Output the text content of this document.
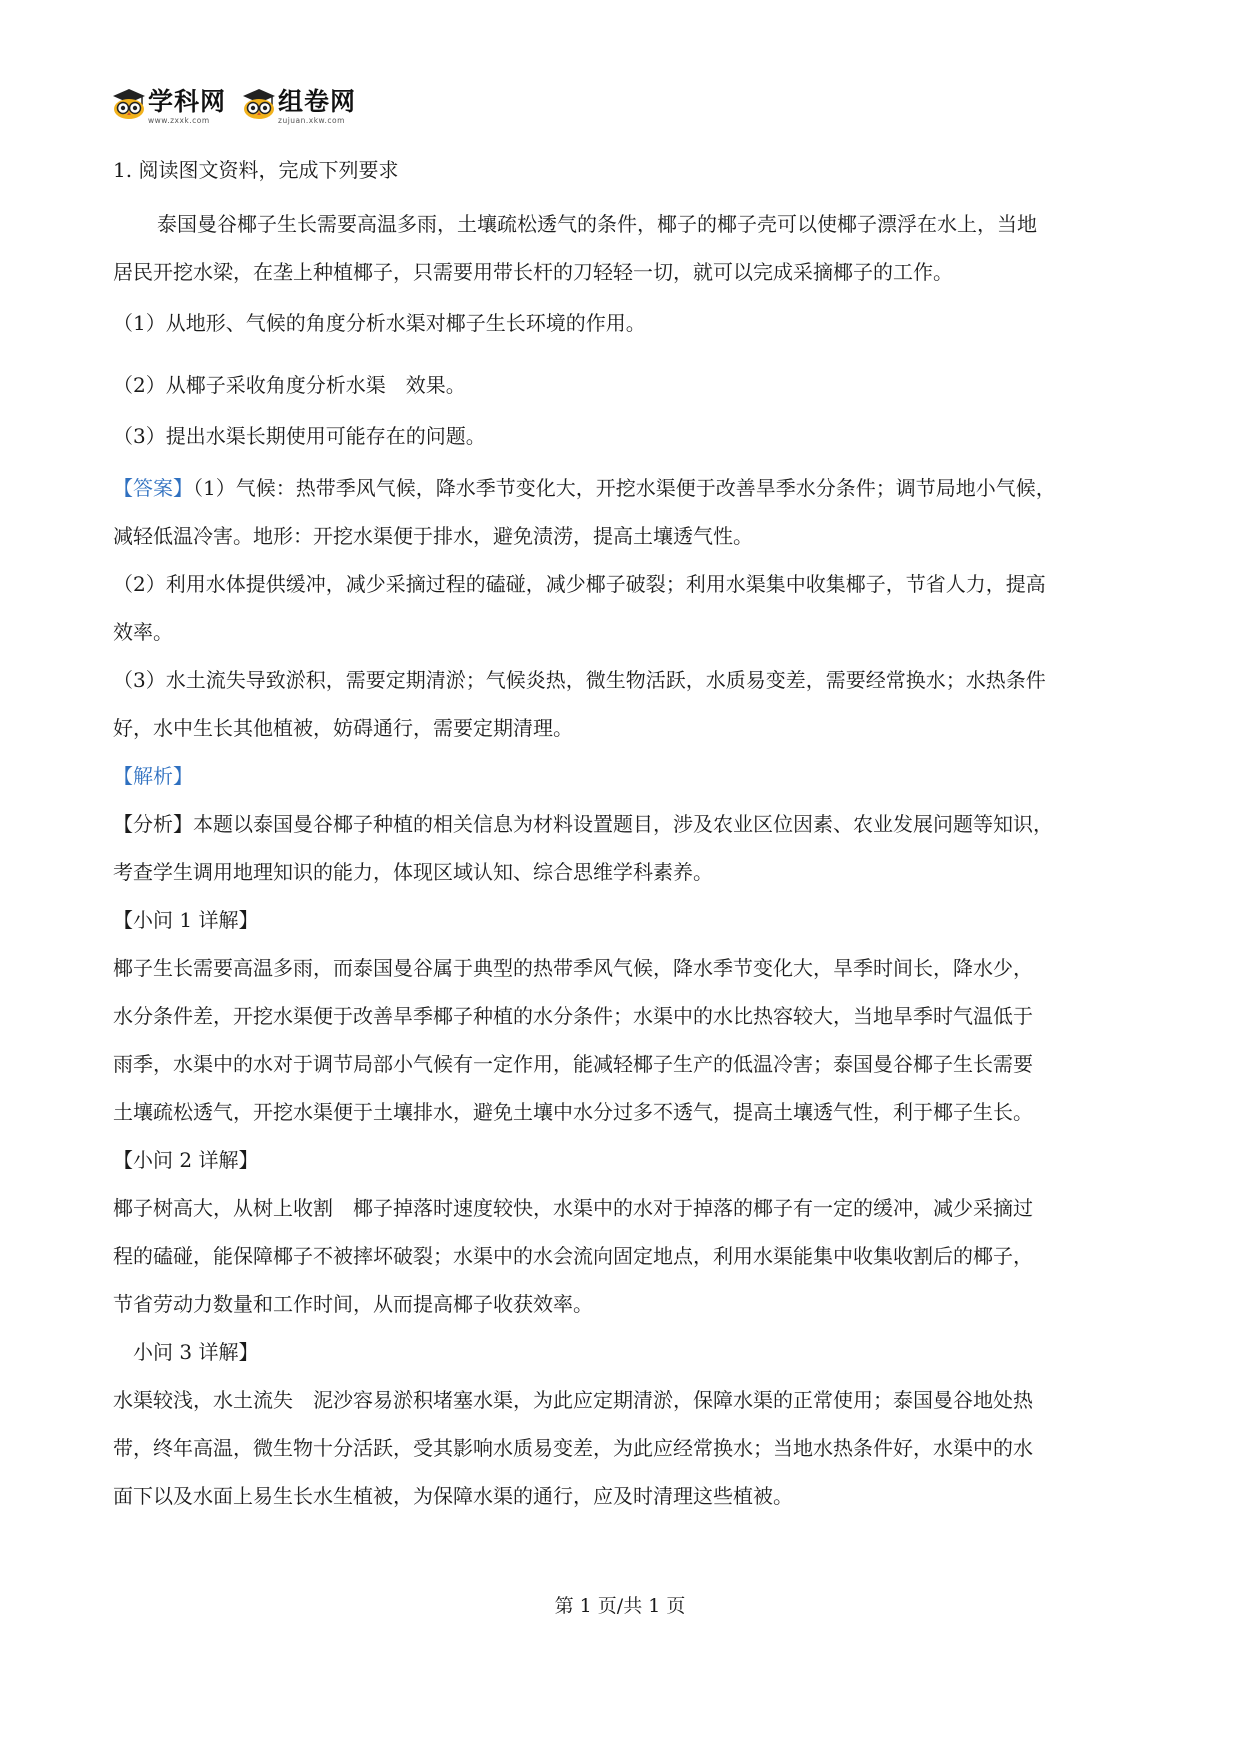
学科网
www.zxxk.com
组卷网
zujuan.xkw.com
1. 阅读图文资料，完成下列要求
泰国曼谷椰子生长需要高温多雨，土壤疏松透气的条件，椰子的椰子壳可以使椰子漂浮在水上，当地
居民开挖水梁，在垄上种植椰子，只需要用带长杆的刀轻轻一切，就可以完成采摘椰子的工作。
（1）从地形、气候的角度分析水渠对椰子生长环境的作用。
（2）从椰子采收角度分析水渠　效果。
（3）提出水渠长期使用可能存在的问题。
【答案】（1）气候：热带季风气候，降水季节变化大，开挖水渠便于改善旱季水分条件；调节局地小气候，
减轻低温冷害。地形：开挖水渠便于排水，避免渍涝，提高土壤透气性。
（2）利用水体提供缓冲，减少采摘过程的磕碰，减少椰子破裂；利用水渠集中收集椰子，节省人力，提高
效率。
（3）水土流失导致淤积，需要定期清淤；气候炎热，微生物活跃，水质易变差，需要经常换水；水热条件
好，水中生长其他植被，妨碍通行，需要定期清理。
【解析】
【分析】本题以泰国曼谷椰子种植的相关信息为材料设置题目，涉及农业区位因素、农业发展问题等知识，
考查学生调用地理知识的能力，体现区域认知、综合思维学科素养。
【小问 1 详解】
椰子生长需要高温多雨，而泰国曼谷属于典型的热带季风气候，降水季节变化大，旱季时间长，降水少，
水分条件差，开挖水渠便于改善旱季椰子种植的水分条件；水渠中的水比热容较大，当地旱季时气温低于
雨季，水渠中的水对于调节局部小气候有一定作用，能减轻椰子生产的低温冷害；泰国曼谷椰子生长需要
土壤疏松透气，开挖水渠便于土壤排水，避免土壤中水分过多不透气，提高土壤透气性，利于椰子生长。
【小问 2 详解】
椰子树高大，从树上收割　椰子掉落时速度较快，水渠中的水对于掉落的椰子有一定的缓冲，减少采摘过
程的磕碰，能保障椰子不被摔坏破裂；水渠中的水会流向固定地点，利用水渠能集中收集收割后的椰子，
节省劳动力数量和工作时间，从而提高椰子收获效率。
　小问 3 详解】
水渠较浅，水土流失　泥沙容易淤积堵塞水渠，为此应定期清淤，保障水渠的正常使用；泰国曼谷地处热
带，终年高温，微生物十分活跃，受其影响水质易变差，为此应经常换水；当地水热条件好，水渠中的水
面下以及水面上易生长水生植被，为保障水渠的通行，应及时清理这些植被。
第 1 页/共 1 页
